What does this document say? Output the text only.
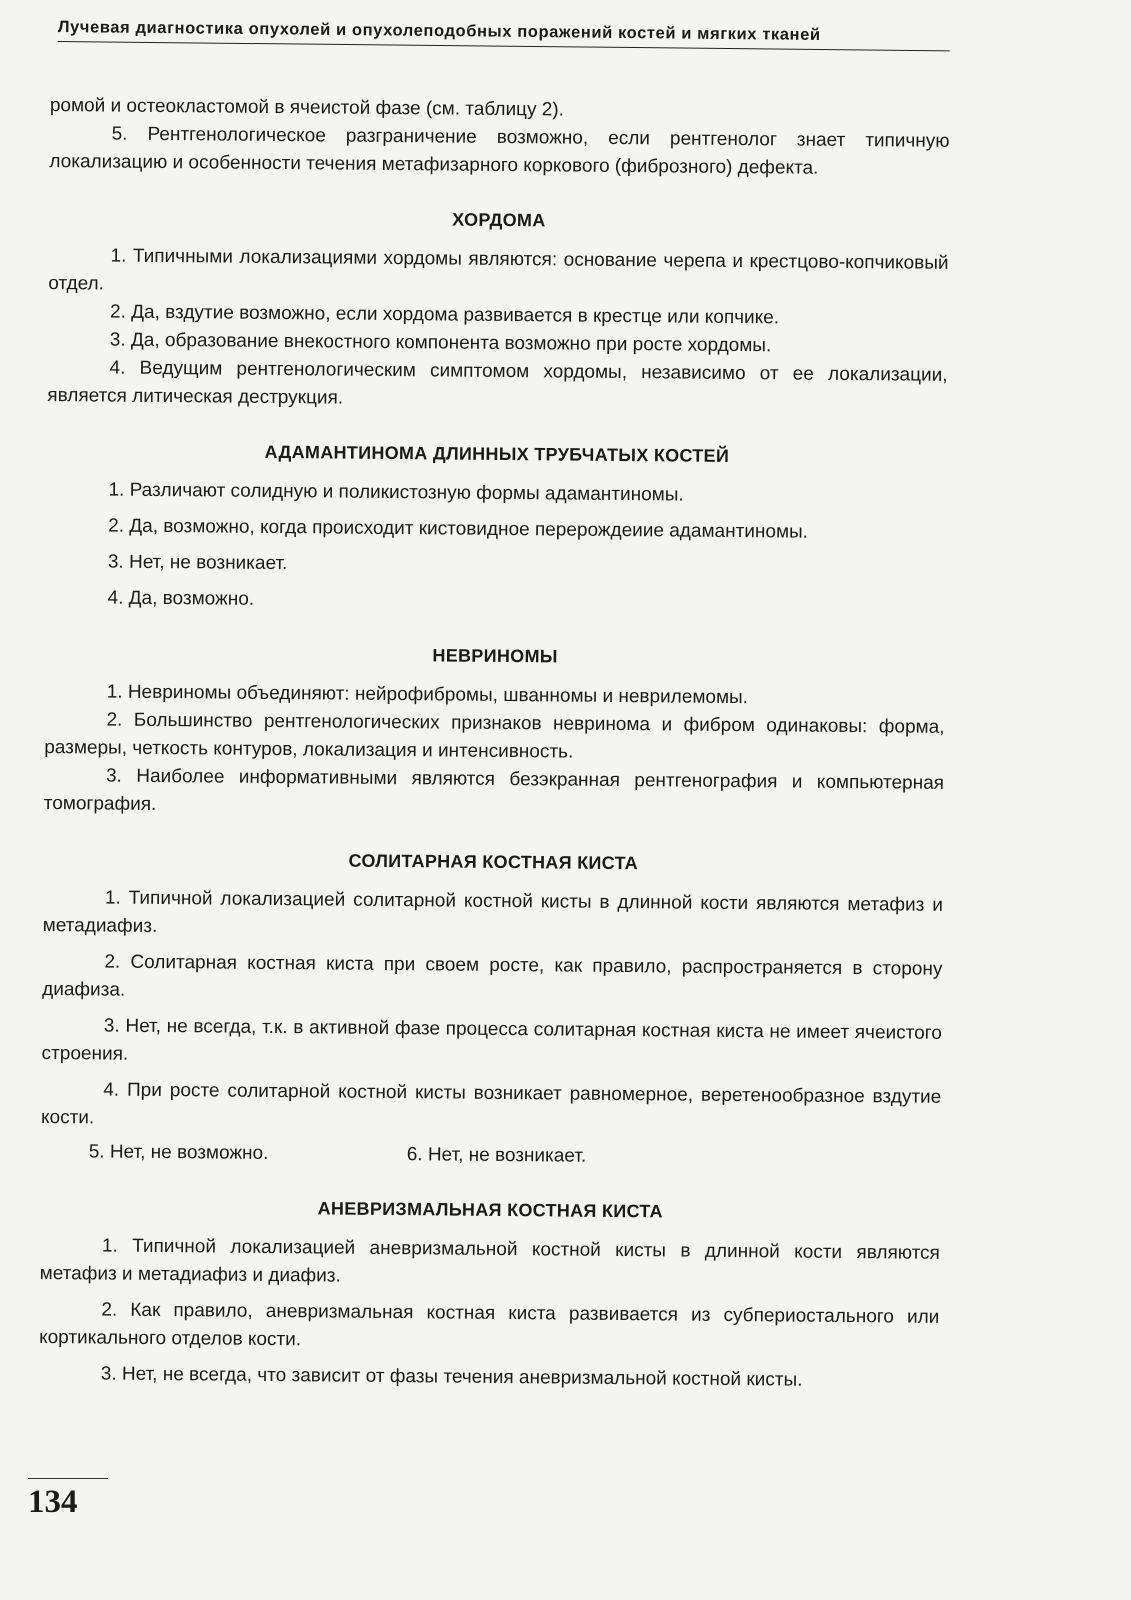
Лучевая диагностика опухолей и опухолеподобных поражений костей и мягких тканей

ромой и остеокластомой в ячеистой фазе (см. таблицу 2).

5. Рентгенологическое разграничение возможно, если рентгенолог знает типичную локализацию и особенности течения метафизарного коркового (фиброзного) дефекта.

ХОРДОМА

1. Типичными локализациями хордомы являются: основание черепа и крестцово-копчиковый отдел.

2. Да, вздутие возможно, если хордома развивается в крестце или копчике.

3. Да, образование внекостного компонента возможно при росте хордомы.

4. Ведущим рентгенологическим симптомом хордомы, независимо от ее локализации, является литическая деструкция.

АДАМАНТИНОМА ДЛИННЫХ ТРУБЧАТЫХ КОСТЕЙ

1. Различают солидную и поликистозную формы адамантиномы.

2. Да, возможно, когда происходит кистовидное перерождеиие адамантиномы.

3. Нет, не возникает.

4. Да, возможно.

НЕВРИНОМЫ

1. Невриномы объединяют: нейрофибромы, шванномы и неврилемомы.

2. Большинство рентгенологических признаков невринома и фибром одинаковы: форма, размеры, четкость контуров, локализация и интенсивность.

3. Наиболее информативными являются безэкранная рентгенография и компьютерная томография.

СОЛИТАРНАЯ КОСТНАЯ КИСТА

1. Типичной локализацией солитарной костной кисты в длинной кости являются метафиз и метадиафиз.

2. Солитарная костная киста при своем росте, как правило, распространяется в сторону диафиза.

3. Нет, не всегда, т.к. в активной фазе процесса солитарная костная киста не имеет ячеистого строения.

4. При росте солитарной костной кисты возникает равномерное, веретенообразное вздутие кости.

5. Нет, не возможно.	6. Нет, не возникает.
АНЕВРИЗМАЛЬНАЯ КОСТНАЯ КИСТА

1. Типичной локализацией аневризмальной костной кисты в длинной кости являются метафиз и метадиафиз и диафиз.

2. Как правило, аневризмальная костная киста развивается из субпериостального или кортикального отделов кости.

3. Нет, не всегда, что зависит от фазы течения аневризмальной костной кисты.

134
